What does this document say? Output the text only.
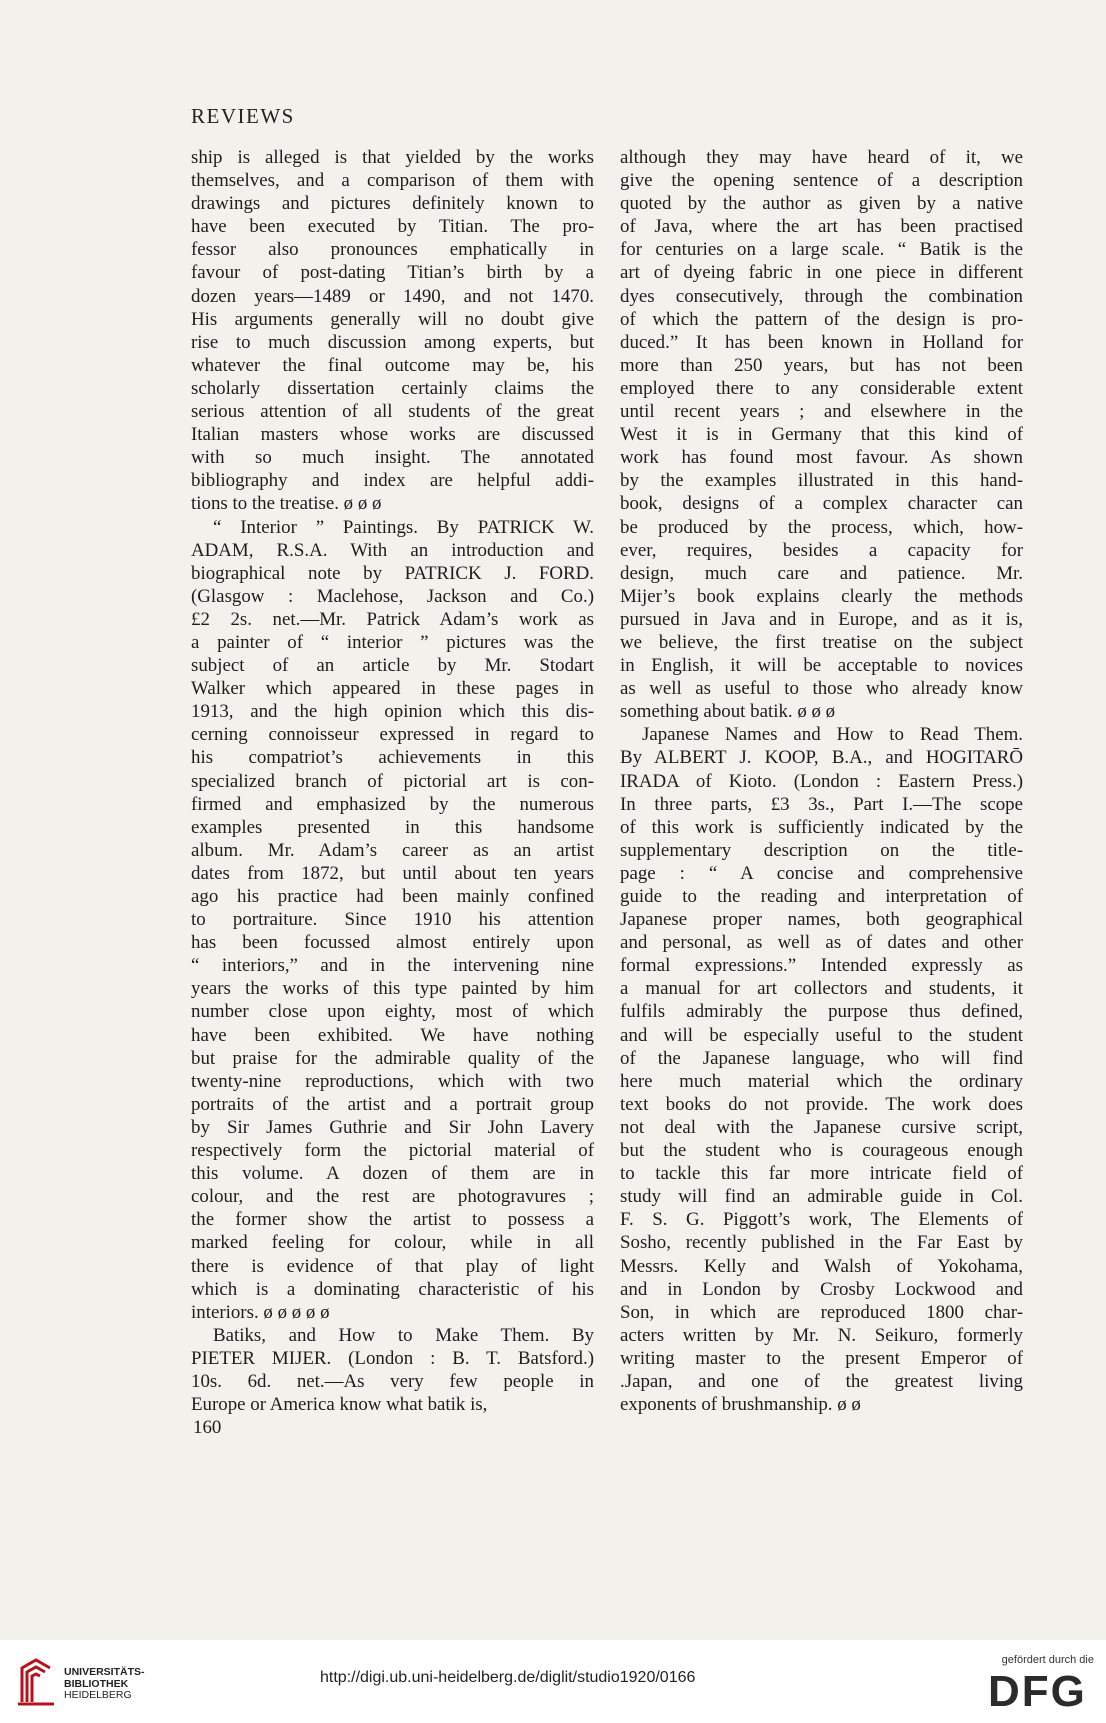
REVIEWS
ship is alleged is that yielded by the works
themselves, and a comparison of them with
drawings and pictures definitely known to
have been executed by Titian. The pro-
fessor also pronounces emphatically in
favour of post-dating Titian’s birth by a
dozen years—1489 or 1490, and not 1470.
His arguments generally will no doubt give
rise to much discussion among experts, but
whatever the final outcome may be, his
scholarly dissertation certainly claims the
serious attention of all students of the great
Italian masters whose works are discussed
with so much insight. The annotated
bibliography and index are helpful addi-
tions to the treatise. ø ø ø
“ Interior ” Paintings. By PATRICK W.
ADAM, R.S.A. With an introduction and
biographical note by PATRICK J. FORD.
(Glasgow : Maclehose, Jackson and Co.)
£2 2s. net.—Mr. Patrick Adam’s work as
a painter of “ interior ” pictures was the
subject of an article by Mr. Stodart
Walker which appeared in these pages in
1913, and the high opinion which this dis-
cerning connoisseur expressed in regard to
his compatriot’s achievements in this
specialized branch of pictorial art is con-
firmed and emphasized by the numerous
examples presented in this handsome
album. Mr. Adam’s career as an artist
dates from 1872, but until about ten years
ago his practice had been mainly confined
to portraiture. Since 1910 his attention
has been focussed almost entirely upon
“ interiors,” and in the intervening nine
years the works of this type painted by him
number close upon eighty, most of which
have been exhibited. We have nothing
but praise for the admirable quality of the
twenty-nine reproductions, which with two
portraits of the artist and a portrait group
by Sir James Guthrie and Sir John Lavery
respectively form the pictorial material of
this volume. A dozen of them are in
colour, and the rest are photogravures ;
the former show the artist to possess a
marked feeling for colour, while in all
there is evidence of that play of light
which is a dominating characteristic of his
interiors. ø ø ø ø ø
Batiks, and How to Make Them. By
PIETER MIJER. (London : B. T. Batsford.)
10s. 6d. net.—As very few people in
Europe or America know what batik is,
160
although they may have heard of it, we
give the opening sentence of a description
quoted by the author as given by a native
of Java, where the art has been practised
for centuries on a large scale. “ Batik is the
art of dyeing fabric in one piece in different
dyes consecutively, through the combination
of which the pattern of the design is pro-
duced.” It has been known in Holland for
more than 250 years, but has not been
employed there to any considerable extent
until recent years ; and elsewhere in the
West it is in Germany that this kind of
work has found most favour. As shown
by the examples illustrated in this hand-
book, designs of a complex character can
be produced by the process, which, how-
ever, requires, besides a capacity for
design, much care and patience. Mr.
Mijer’s book explains clearly the methods
pursued in Java and in Europe, and as it is,
we believe, the first treatise on the subject
in English, it will be acceptable to novices
as well as useful to those who already know
something about batik. ø ø ø
Japanese Names and How to Read Them.
By ALBERT J. KOOP, B.A., and HOGITARŌ
IRADA of Kioto. (London : Eastern Press.)
In three parts, £3 3s., Part I.—The scope
of this work is sufficiently indicated by the
supplementary description on the title-
page : “ A concise and comprehensive
guide to the reading and interpretation of
Japanese proper names, both geographical
and personal, as well as of dates and other
formal expressions.” Intended expressly as
a manual for art collectors and students, it
fulfils admirably the purpose thus defined,
and will be especially useful to the student
of the Japanese language, who will find
here much material which the ordinary
text books do not provide. The work does
not deal with the Japanese cursive script,
but the student who is courageous enough
to tackle this far more intricate field of
study will find an admirable guide in Col.
F. S. G. Piggott’s work, The Elements of
Sosho, recently published in the Far East by
Messrs. Kelly and Walsh of Yokohama,
and in London by Crosby Lockwood and
Son, in which are reproduced 1800 char-
acters written by Mr. N. Seikuro, formerly
writing master to the present Emperor of
.Japan, and one of the greatest living
exponents of brushmanship. ø ø
UNIVERSITÄTS-
BIBLIOTHEK
HEIDELBERG
http://digi.ub.uni-heidelberg.de/diglit/studio1920/0166
gefördert durch die
DFG
